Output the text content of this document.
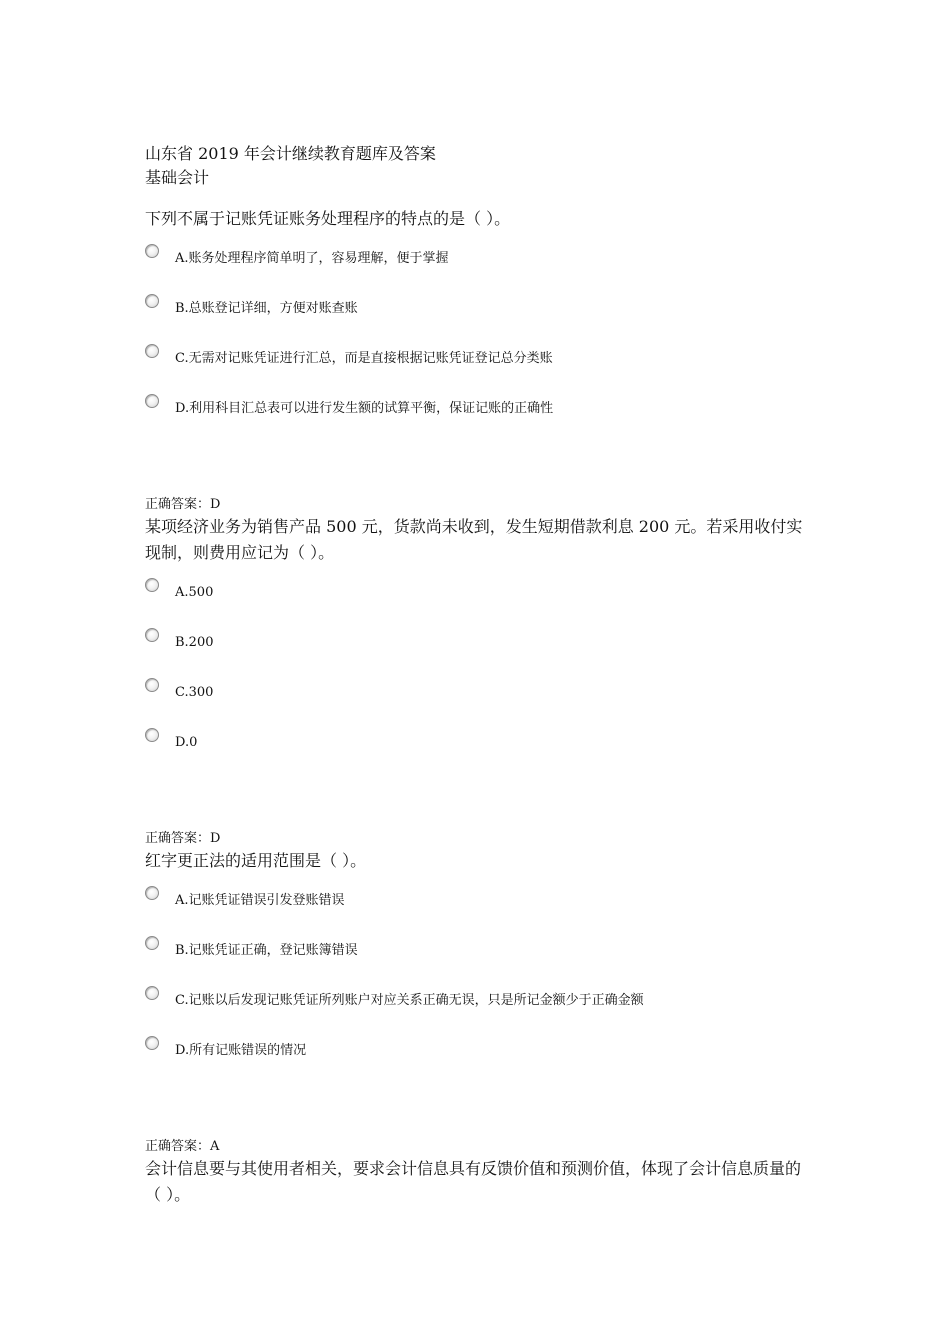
山东省 2019 年会计继续教育题库及答案

基础会计

下列不属于记账凭证账务处理程序的特点的是（ ）。

A.账务处理程序简单明了，容易理解，便于掌握
B.总账登记详细，方便对账查账
C.无需对记账凭证进行汇总，而是直接根据记账凭证登记总分类账
D.利用科目汇总表可以进行发生额的试算平衡，保证记账的正确性

正确答案：D

某项经济业务为销售产品 500 元，货款尚未收到，发生短期借款利息 200 元。若采用收付实现制，则费用应记为（ ）。

A.500
B.200
C.300
D.0

正确答案：D

红字更正法的适用范围是（ ）。

A.记账凭证错误引发登账错误
B.记账凭证正确，登记账簿错误
C.记账以后发现记账凭证所列账户对应关系正确无误，只是所记金额少于正确金额
D.所有记账错误的情况

正确答案：A

会计信息要与其使用者相关，要求会计信息具有反馈价值和预测价值，体现了会计信息质量的（ ）。
